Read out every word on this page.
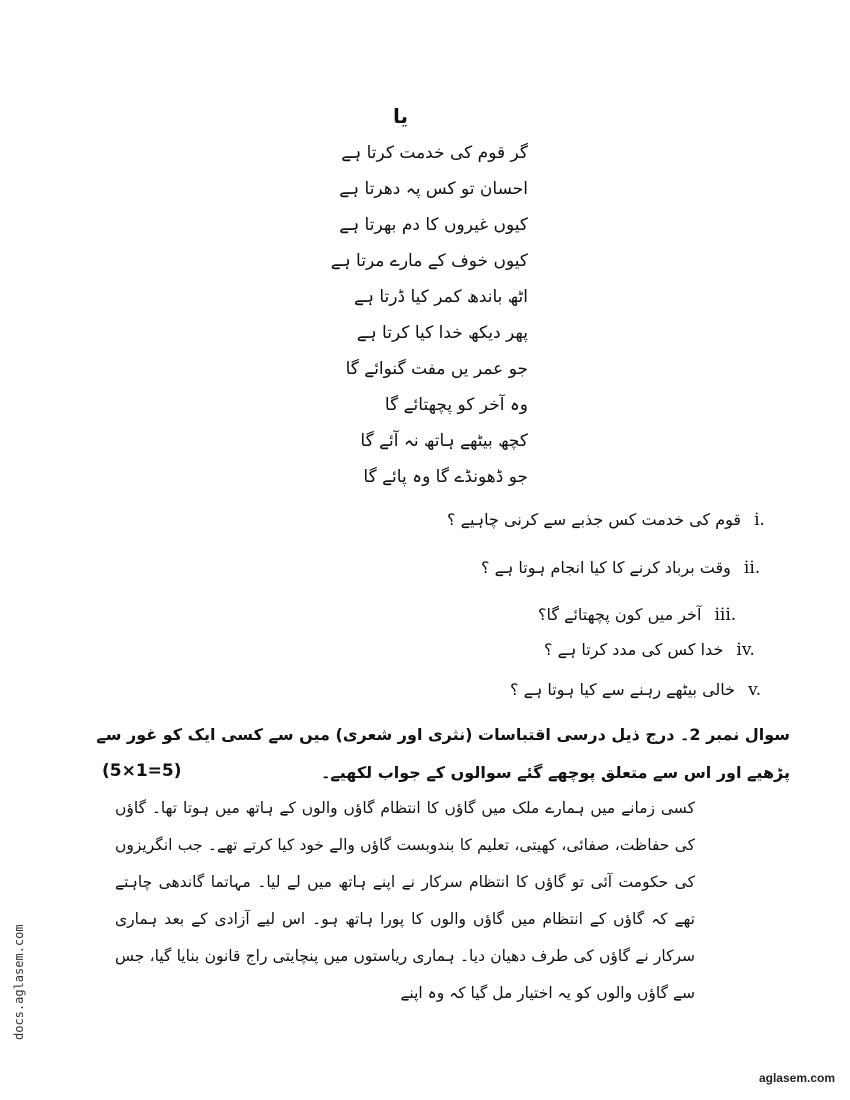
یا
گر قوم کی خدمت کرتا ہے
احسان تو کس پہ دھرتا ہے
کیوں غیروں کا دم بھرتا ہے
کیوں خوف کے مارے مرتا ہے
اٹھ باندھ کمر کیا ڈرتا ہے
پھر دیکھ خدا کیا کرتا ہے
جو عمر یں مفت گنوائے گا
وہ آخر کو پچھتائے گا
کچھ بیٹھے ہاتھ نہ آئے گا
جو ڈھونڈے گا وہ پائے گا
قوم کی خدمت کس جذبے سے کرنی چاہیے ؟ i.
وقت برباد کرنے کا کیا انجام ہوتا ہے ؟ ii.
آخر میں کون پچھتائے گا؟ iii.
خدا کس کی مدد کرتا ہے ؟ iv.
خالی بیٹھے رہنے سے کیا ہوتا ہے ؟ v.
سوال نمبر 2۔ درج ذیل درسی اقتباسات (نثری اور شعری) میں سے کسی ایک کو غور سے پڑھیے اور اس سے متعلق پوچھے گئے سوالوں کے جواب لکھیے۔
(5×1=5)
کسی زمانے میں ہمارے ملک میں گاؤں کا انتظام گاؤں والوں کے ہاتھ میں ہوتا تھا۔ گاؤں کی حفاظت، صفائی، کھیتی، تعلیم کا بندوبست گاؤں والے خود کیا کرتے تھے۔ جب انگریزوں کی حکومت آئی تو گاؤں کا انتظام سرکار نے اپنے ہاتھ میں لے لیا۔ مہاتما گاندھی چاہتے تھے کہ گاؤں کے انتظام میں گاؤں والوں کا پورا ہاتھ ہو۔ اس لیے آزادی کے بعد ہماری سرکار نے گاؤں کی طرف دھیان دیا۔ ہماری ریاستوں میں پنچایتی راج قانون بنایا گیا، جس سے گاؤں والوں کو یہ اختیار مل گیا کہ وہ اپنے
docs.aglasem.com
aglasem.com
